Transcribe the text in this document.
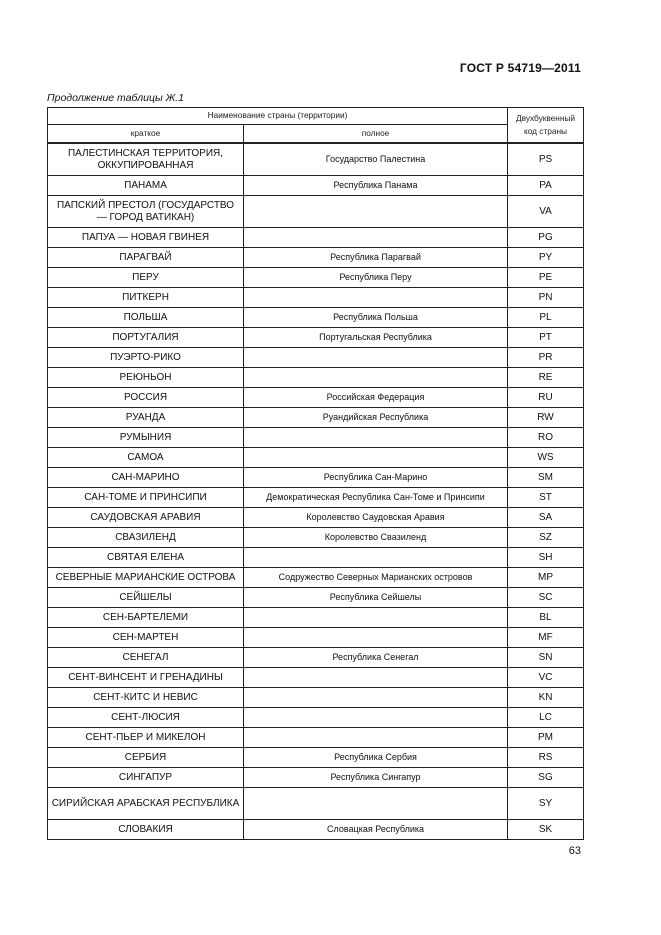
ГОСТ Р 54719—2011
Продолжение таблицы Ж.1
Наименование страны (территории)		Двухбуквенный код страны
краткое	полное	
ПАЛЕСТИНСКАЯ ТЕРРИТОРИЯ, ОККУПИРОВАННАЯ	Государство Палестина	PS
ПАНАМА	Республика Панама	PA
ПАПСКИЙ ПРЕСТОЛ (ГОСУДАРСТВО — ГОРОД ВАТИКАН)		VA
ПАПУА — НОВАЯ ГВИНЕЯ		PG
ПАРАГВАЙ	Республика Парагвай	PY
ПЕРУ	Республика Перу	PE
ПИТКЕРН		PN
ПОЛЬША	Республика Польша	PL
ПОРТУГАЛИЯ	Португальская Республика	PT
ПУЭРТО-РИКО		PR
РЕЮНЬОН		RE
РОССИЯ	Российская Федерация	RU
РУАНДА	Руандийская Республика	RW
РУМЫНИЯ		RO
САМОА		WS
САН-МАРИНО	Республика Сан-Марино	SM
САН-ТОМЕ И ПРИНСИПИ	Демократическая Республика Сан-Томе и Принсипи	ST
САУДОВСКАЯ АРАВИЯ	Королевство Саудовская Аравия	SA
СВАЗИЛЕНД	Королевство Свазиленд	SZ
СВЯТАЯ ЕЛЕНА		SH
СЕВЕРНЫЕ МАРИАНСКИЕ ОСТРОВА	Содружество Северных Марианских островов	MP
СЕЙШЕЛЫ	Республика Сейшелы	SC
СЕН-БАРТЕЛЕМИ		BL
СЕН-МАРТЕН		MF
СЕНЕГАЛ	Республика Сенегал	SN
СЕНТ-ВИНСЕНТ И ГРЕНАДИНЫ		VC
СЕНТ-КИТС И НЕВИС		KN
СЕНТ-ЛЮСИЯ		LC
СЕНТ-ПЬЕР И МИКЕЛОН		PM
СЕРБИЯ	Республика Сербия	RS
СИНГАПУР	Республика Сингапур	SG
СИРИЙСКАЯ АРАБСКАЯ РЕСПУБЛИКА		SY
СЛОВАКИЯ	Словацкая Республика	SK
63
